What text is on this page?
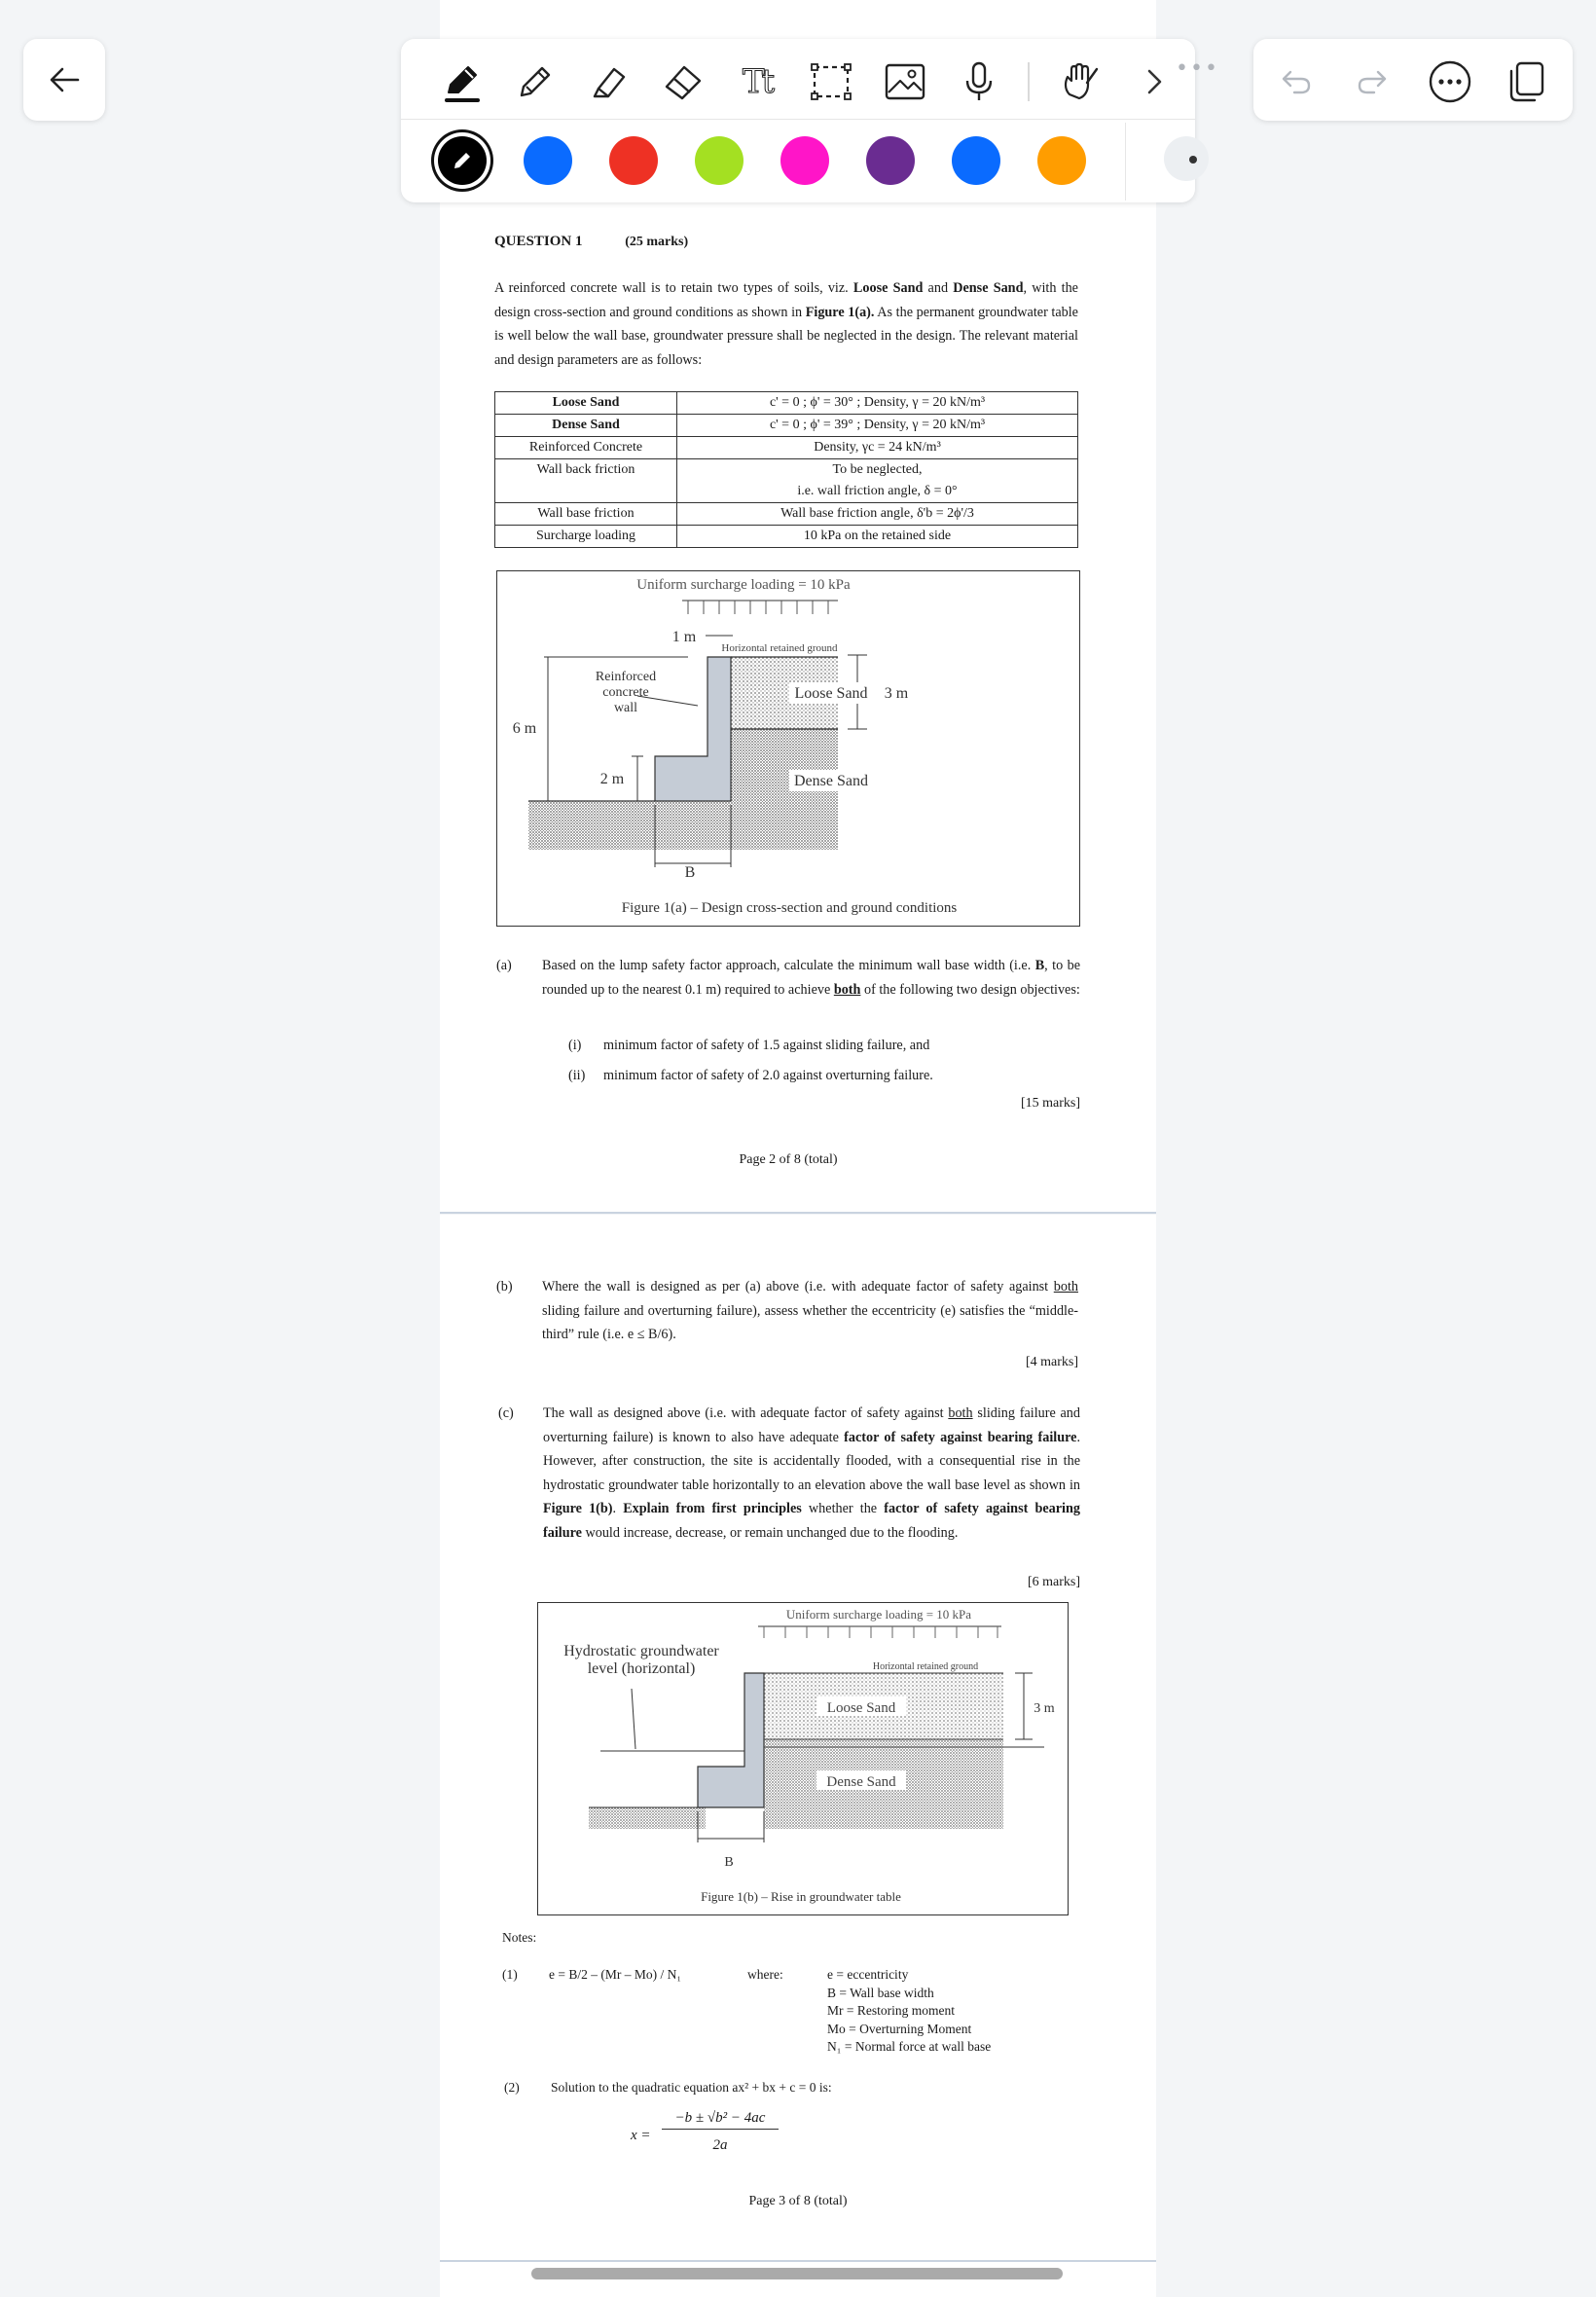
QUESTION 1	(25 marks)
A reinforced concrete wall is to retain two types of soils, viz. Loose Sand and Dense Sand, with the design cross-section and ground conditions as shown in Figure 1(a). As the permanent groundwater table is well below the wall base, groundwater pressure shall be neglected in the design. The relevant material and design parameters are as follows:
Loose Sand	c' = 0 ; ϕ' = 30° ; Density, γ = 20 kN/m³
Dense Sand	c' = 0 ; ϕ' = 39° ; Density, γ = 20 kN/m³
Reinforced Concrete	Density, γc = 24 kN/m³
Wall back friction	To be neglected,
i.e. wall friction angle, δ = 0°

Wall base friction	Wall base friction angle, δ'b = 2ϕ'/3
Surcharge loading	10 kPa on the retained side
Uniform surcharge loading = 10 kPa
1 m
Horizontal retained ground
Reinforced
concrete
wall
Loose Sand 3 m
6 m
2 m	Dense Sand
B
Figure 1(a) – Design cross-section and ground conditions
(a) Based on the lump safety factor approach, calculate the minimum wall base width (i.e. B, to be rounded up to the nearest 0.1 m) required to achieve both of the following two design objectives:
(i) minimum factor of safety of 1.5 against sliding failure, and
(ii) minimum factor of safety of 2.0 against overturning failure.
[15 marks]
Page 2 of 8 (total)
(b) Where the wall is designed as per (a) above (i.e. with adequate factor of safety against both sliding failure and overturning failure), assess whether the eccentricity (e) satisfies the “middle-third” rule (i.e. e ≤ B/6).
[4 marks]
(c) The wall as designed above (i.e. with adequate factor of safety against both sliding failure and overturning failure) is known to also have adequate factor of safety against bearing failure. However, after construction, the site is accidentally flooded, with a consequential rise in the hydrostatic groundwater table horizontally to an elevation above the wall base level as shown in Figure 1(b). Explain from first principles whether the factor of safety against bearing failure would increase, decrease, or remain unchanged due to the flooding.
[6 marks]
Uniform surcharge loading = 10 kPa
Hydrostatic groundwater
level (horizontal)	Horizontal retained ground
Loose Sand	3 m
Dense Sand
B
Figure 1(b) – Rise in groundwater table
Notes:
(1) e = B/2 – (Mr – Mo) / N₁	where:	e = eccentricity
B = Wall base width
Mr = Restoring moment
Mo = Overturning Moment
N₁ = Normal force at wall base
(2) Solution to the quadratic equation ax² + bx + c = 0 is:
x =
−b ± √b² − 4ac
2a
Page 3 of 8 (total)
•••
Tt
